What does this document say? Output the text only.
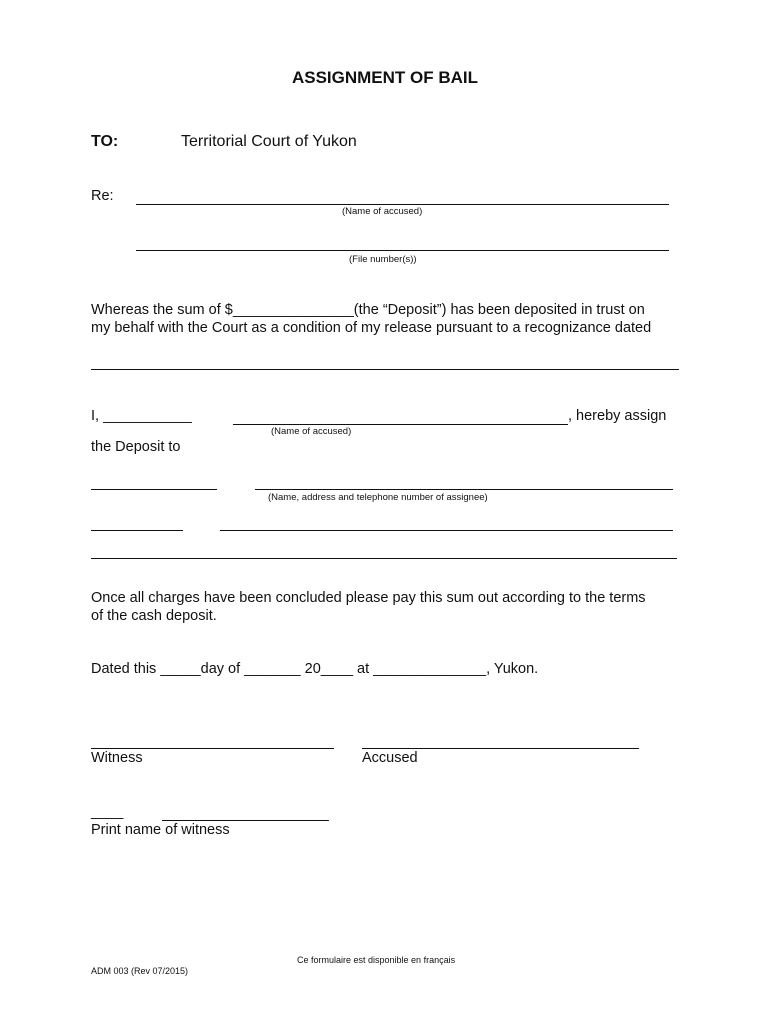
ASSIGNMENT OF BAIL
TO:	Territorial Court of Yukon
Re:
(Name of accused)
(File number(s))
Whereas the sum of $_______________(the “Deposit”) has been deposited in trust on
my behalf with the Court as a condition of my release pursuant to a recognizance dated
I, ___________	, hereby assign
(Name of accused)
the Deposit to
(Name, address and telephone number of assignee)
Once all charges have been concluded please pay this sum out according to the terms
of the cash deposit.
Dated this _____day of _______ 20____ at ______________, Yukon.
Witness	Accused
____
Print name of witness
Ce formulaire est disponible en français
ADM 003 (Rev 07/2015)
